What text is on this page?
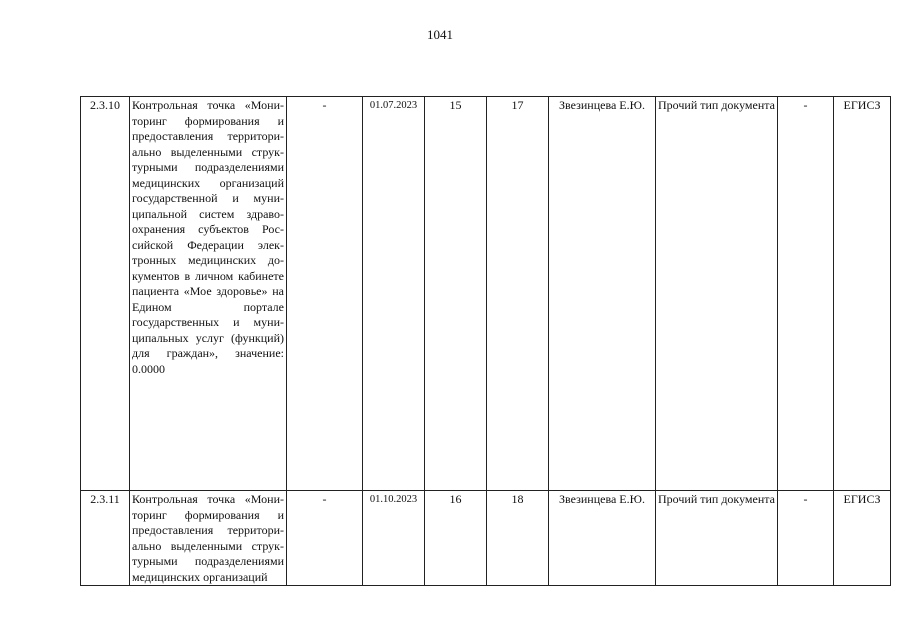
1041
2.3.10	Контрольная точка «Мониторинг формирования и предоставления территориально выделенными структурными подразделениями медицинских организаций государственной и муниципальной систем здравоохранения субъектов Российской Федерации электронных медицинских документов в личном кабинете пациента «Мое здоровье» на Едином портале государственных и муниципальных услуг (функций) для граждан», значение: 0.0000	-	01.07.2023	15	17	Звезинцева Е.Ю.	Прочий тип документа	-	ЕГИСЗ
2.3.11	Контрольная точка «Мониторинг формирования и предоставления территориально выделенными структурными подразделениями медицинских организаций	-	01.10.2023	16	18	Звезинцева Е.Ю.	Прочий тип документа	-	ЕГИСЗ
